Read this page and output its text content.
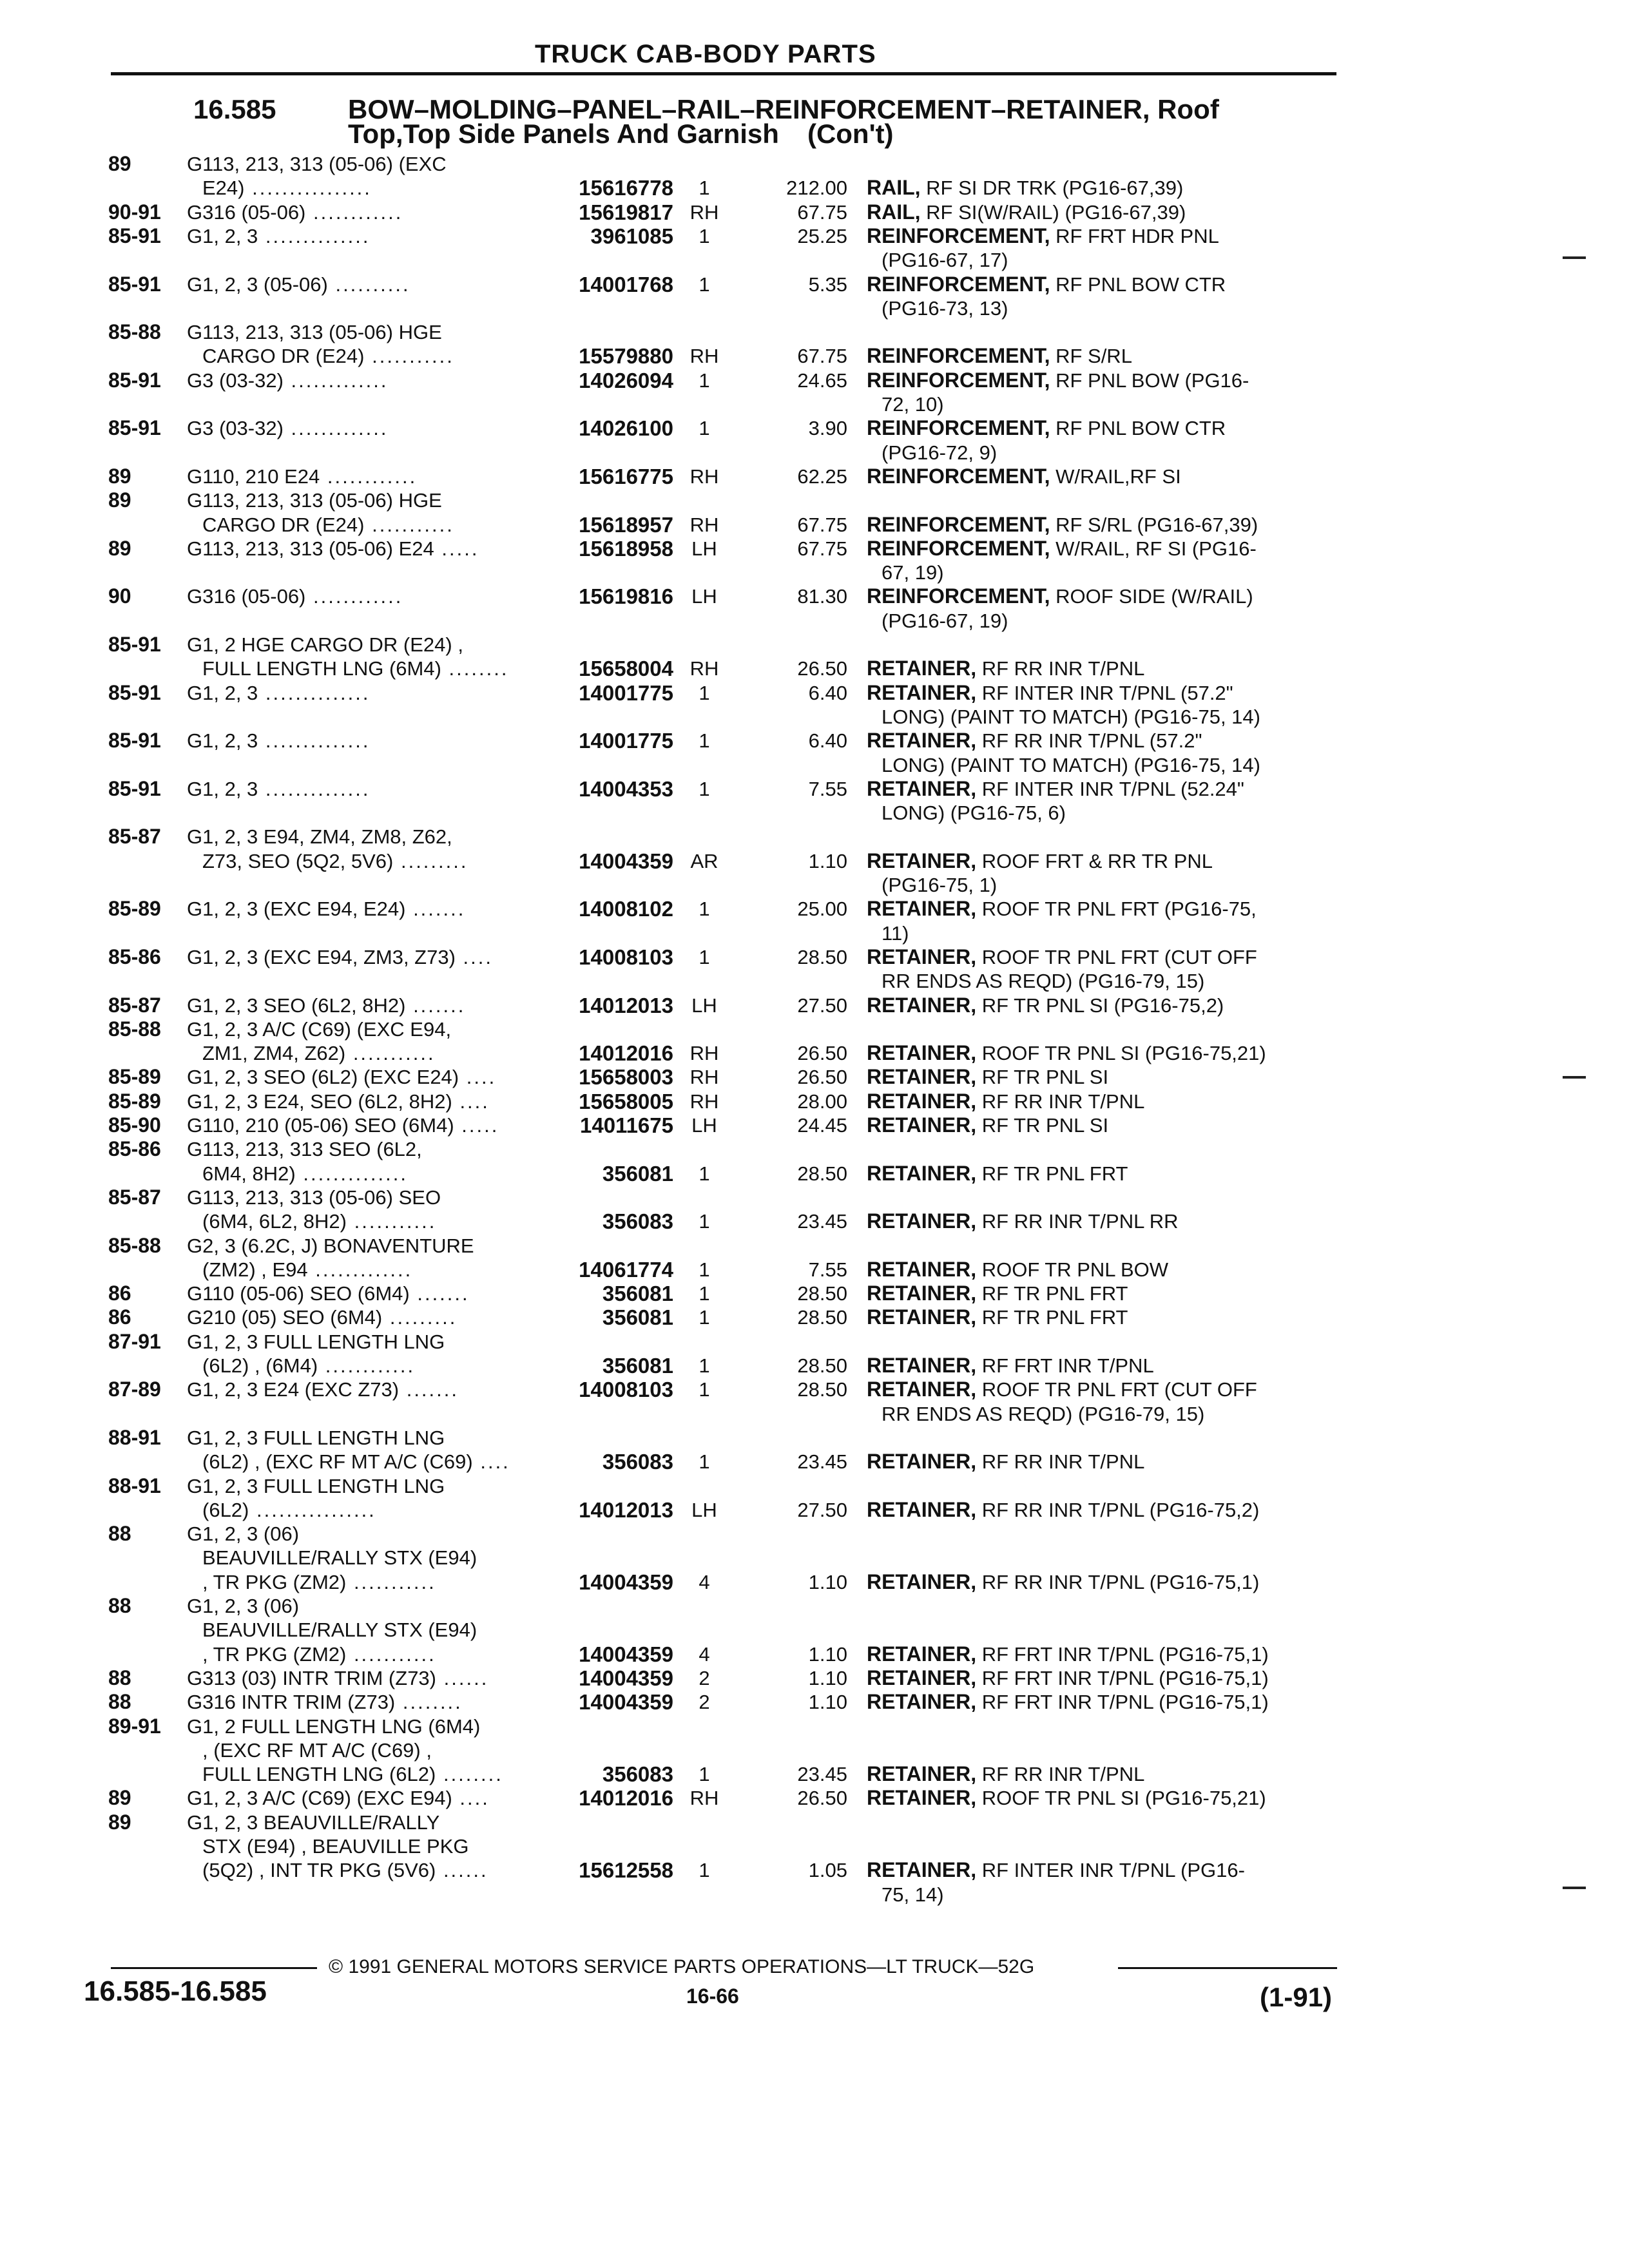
TRUCK CAB-BODY PARTS
16.585	BOW–MOLDING–PANEL–RAIL–REINFORCEMENT–RETAINER, Roof
Top,Top Side Panels And Garnish (Con't)
89	G113, 213, 313 (05-06) (EXC
E24) ................	15616778	1	212.00 RAIL, RF SI DR TRK (PG16-67,39)
90-91 G316 (05-06) ............	15619817 RH	67.75 RAIL, RF SI(W/RAIL) (PG16-67,39)
85-91 G1, 2, 3 ..............	3961085	1	25.25 REINFORCEMENT, RF FRT HDR PNL
(PG16-67, 17)
85-91 G1, 2, 3 (05-06) ..........	14001768	1	5.35 REINFORCEMENT, RF PNL BOW CTR
(PG16-73, 13)
85-88 G113, 213, 313 (05-06) HGE
CARGO DR (E24) ...........	15579880 RH	67.75 REINFORCEMENT, RF S/RL
85-91 G3 (03-32) .............	14026094	1	24.65 REINFORCEMENT, RF PNL BOW (PG16-
72, 10)
85-91 G3 (03-32) .............	14026100	1	3.90 REINFORCEMENT, RF PNL BOW CTR
(PG16-72, 9)
89	G110, 210 E24 ............	15616775 RH	62.25 REINFORCEMENT, W/RAIL,RF SI
89	G113, 213, 313 (05-06) HGE
CARGO DR (E24) ...........	15618957 RH	67.75 REINFORCEMENT, RF S/RL (PG16-67,39)
89	G113, 213, 313 (05-06) E24 .....	15618958 LH	67.75 REINFORCEMENT, W/RAIL, RF SI (PG16-
67, 19)
90	G316 (05-06) ............	15619816 LH	81.30 REINFORCEMENT, ROOF SIDE (W/RAIL)
(PG16-67, 19)
85-91 G1, 2 HGE CARGO DR (E24) ,
FULL LENGTH LNG (6M4) ........	15658004 RH	26.50 RETAINER, RF RR INR T/PNL
85-91 G1, 2, 3 ..............	14001775	1	6.40 RETAINER, RF INTER INR T/PNL (57.2"
LONG) (PAINT TO MATCH) (PG16-75, 14)
85-91 G1, 2, 3 ..............	14001775	1	6.40 RETAINER, RF RR INR T/PNL (57.2"
LONG) (PAINT TO MATCH) (PG16-75, 14)
85-91 G1, 2, 3 ..............	14004353	1	7.55 RETAINER, RF INTER INR T/PNL (52.24"
LONG) (PG16-75, 6)
85-87 G1, 2, 3 E94, ZM4, ZM8, Z62,
Z73, SEO (5Q2, 5V6) .........	14004359 AR	1.10 RETAINER, ROOF FRT & RR TR PNL
(PG16-75, 1)
85-89 G1, 2, 3 (EXC E94, E24) .......	14008102	1	25.00 RETAINER, ROOF TR PNL FRT (PG16-75,
11)
85-86 G1, 2, 3 (EXC E94, ZM3, Z73) ....	14008103	1	28.50 RETAINER, ROOF TR PNL FRT (CUT OFF
RR ENDS AS REQD) (PG16-79, 15)
85-87 G1, 2, 3 SEO (6L2, 8H2) .......	14012013 LH	27.50 RETAINER, RF TR PNL SI (PG16-75,2)
85-88 G1, 2, 3 A/C (C69) (EXC E94,
ZM1, ZM4, Z62) ...........	14012016 RH	26.50 RETAINER, ROOF TR PNL SI (PG16-75,21)
85-89 G1, 2, 3 SEO (6L2) (EXC E24) ....	15658003 RH	26.50 RETAINER, RF TR PNL SI
85-89 G1, 2, 3 E24, SEO (6L2, 8H2) ....	15658005 RH	28.00 RETAINER, RF RR INR T/PNL
85-90 G110, 210 (05-06) SEO (6M4) .....	14011675 LH	24.45 RETAINER, RF TR PNL SI
85-86 G113, 213, 313 SEO (6L2,
6M4, 8H2) ..............	356081	1	28.50 RETAINER, RF TR PNL FRT
85-87 G113, 213, 313 (05-06) SEO
(6M4, 6L2, 8H2) ...........	356083	1	23.45 RETAINER, RF RR INR T/PNL RR
85-88 G2, 3 (6.2C, J) BONAVENTURE
(ZM2) , E94 .............	14061774	1	7.55 RETAINER, ROOF TR PNL BOW
86	G110 (05-06) SEO (6M4) .......	356081	1	28.50 RETAINER, RF TR PNL FRT
86	G210 (05) SEO (6M4) .........	356081	1	28.50 RETAINER, RF TR PNL FRT
87-91 G1, 2, 3 FULL LENGTH LNG
(6L2) , (6M4) ............	356081	1	28.50 RETAINER, RF FRT INR T/PNL
87-89 G1, 2, 3 E24 (EXC Z73) .......	14008103	1	28.50 RETAINER, ROOF TR PNL FRT (CUT OFF
RR ENDS AS REQD) (PG16-79, 15)
88-91 G1, 2, 3 FULL LENGTH LNG
(6L2) , (EXC RF MT A/C (C69) ....	356083	1	23.45 RETAINER, RF RR INR T/PNL
88-91 G1, 2, 3 FULL LENGTH LNG
(6L2) ................	14012013 LH	27.50 RETAINER, RF RR INR T/PNL (PG16-75,2)
88	G1, 2, 3 (06)
BEAUVILLE/RALLY STX (E94)
, TR PKG (ZM2) ...........	14004359	4	1.10 RETAINER, RF RR INR T/PNL (PG16-75,1)
88	G1, 2, 3 (06)
BEAUVILLE/RALLY STX (E94)
, TR PKG (ZM2) ...........	14004359	4	1.10 RETAINER, RF FRT INR T/PNL (PG16-75,1)
88	G313 (03) INTR TRIM (Z73) ......	14004359	2	1.10 RETAINER, RF FRT INR T/PNL (PG16-75,1)
88	G316 INTR TRIM (Z73) ........	14004359	2	1.10 RETAINER, RF FRT INR T/PNL (PG16-75,1)
89-91 G1, 2 FULL LENGTH LNG (6M4)
, (EXC RF MT A/C (C69) ,
FULL LENGTH LNG (6L2) ........	356083	1	23.45 RETAINER, RF RR INR T/PNL
89	G1, 2, 3 A/C (C69) (EXC E94) ....	14012016 RH	26.50 RETAINER, ROOF TR PNL SI (PG16-75,21)
89	G1, 2, 3 BEAUVILLE/RALLY
STX (E94) , BEAUVILLE PKG
(5Q2) , INT TR PKG (5V6) ......	15612558	1	1.05 RETAINER, RF INTER INR T/PNL (PG16-
75, 14)
© 1991 GENERAL MOTORS SERVICE PARTS OPERATIONS—LT TRUCK—52G
16.585-16.585	16-66	(1-91)
